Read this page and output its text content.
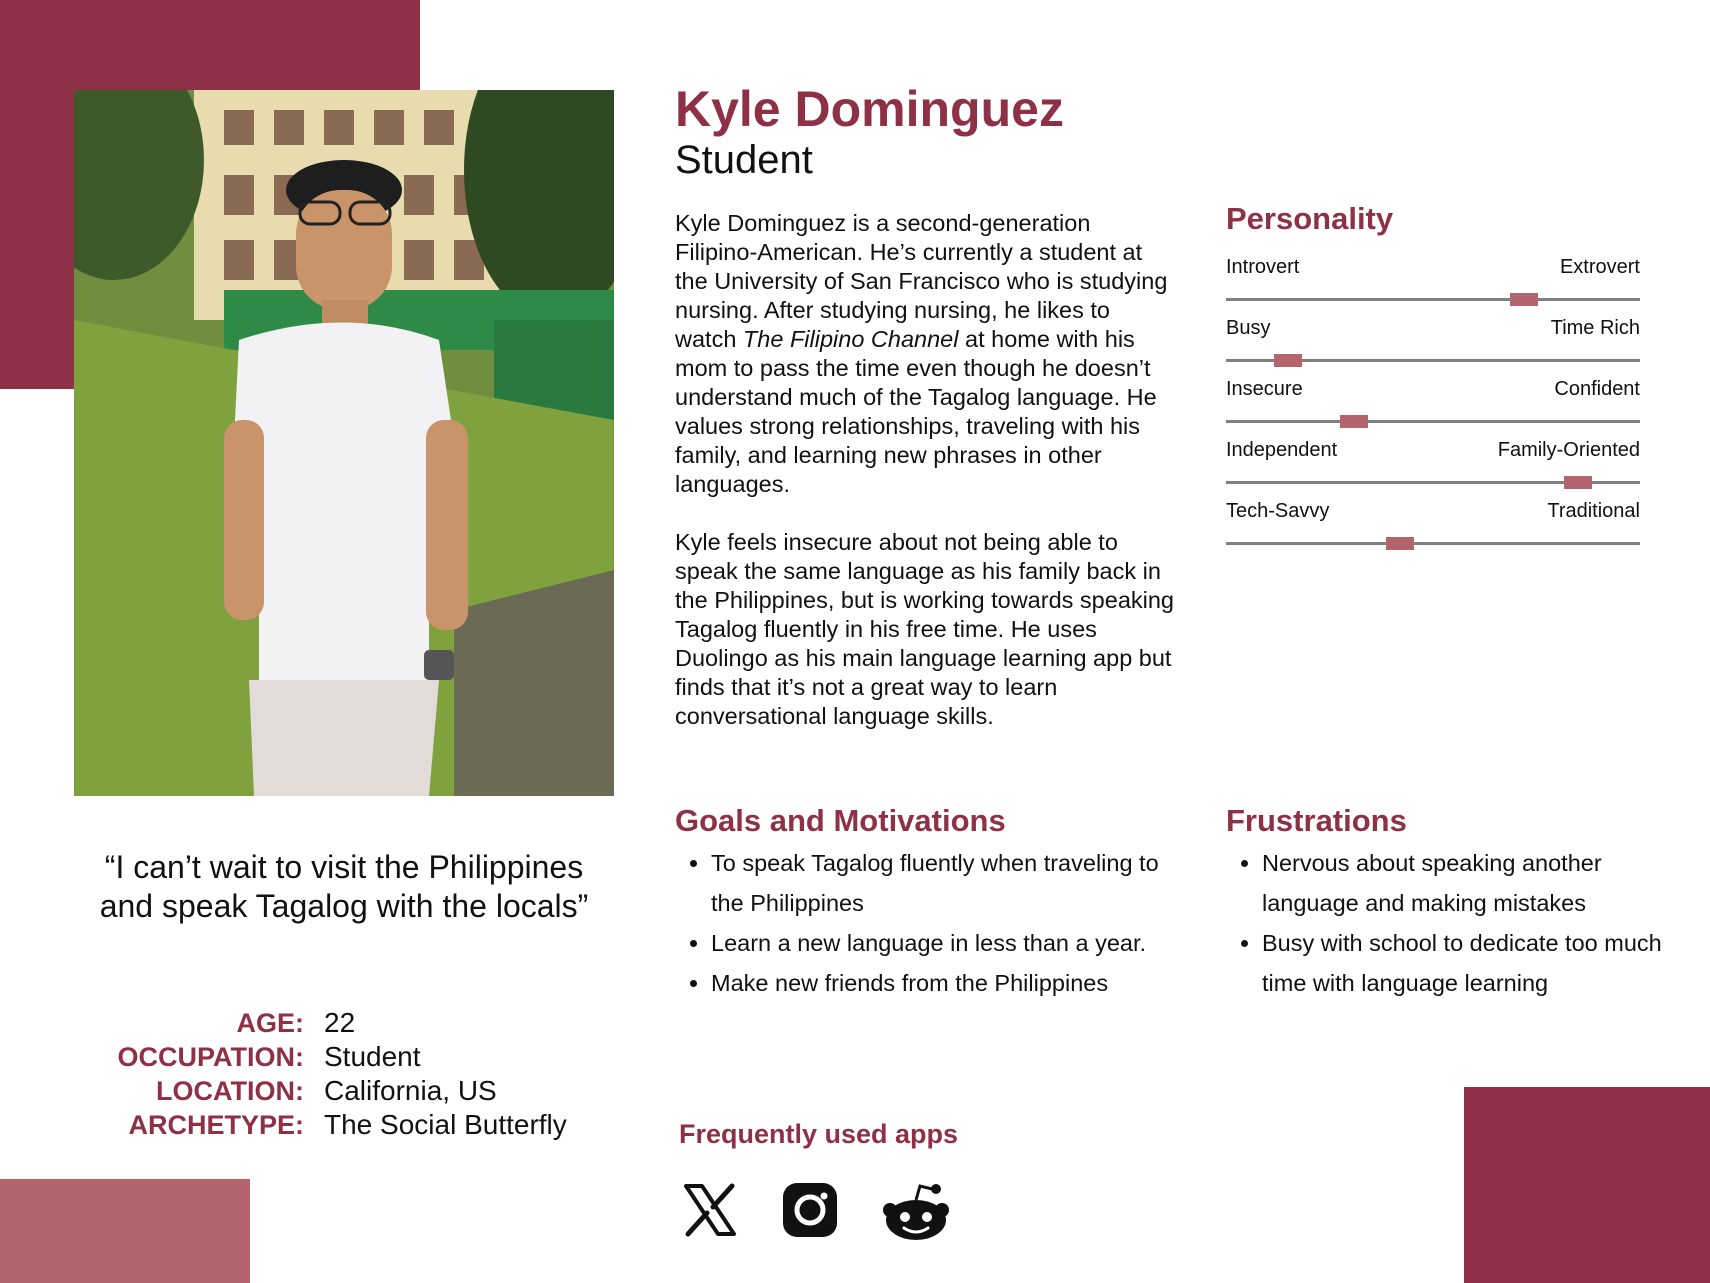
“I can’t wait to visit the Philippines and speak Tagalog with the locals”
AGE: 22
OCCUPATION: Student
LOCATION: California, US
ARCHETYPE: The Social Butterfly
Kyle Dominguez
Student

Kyle Dominguez is a second-generation Filipino-American. He’s currently a student at the University of San Francisco who is studying nursing. After studying nursing, he likes to watch The Filipino Channel at home with his mom to pass the time even though he doesn’t understand much of the Tagalog language. He values strong relationships, traveling with his family, and learning new phrases in other languages.

Kyle feels insecure about not being able to speak the same language as his family back in the Philippines, but is working towards speaking Tagalog fluently in his free time. He uses Duolingo as his main language learning app but finds that it’s not a great way to learn conversational language skills.

Personality
Introvert	Extrovert
Busy	Time Rich
Insecure	Confident
Independent	Family-Oriented
Tech-Savvy	Traditional
Goals and Motivations
• To speak Tagalog fluently when traveling to the Philippines
• Learn a new language in less than a year.
• Make new friends from the Philippines
Frustrations
• Nervous about speaking another language and making mistakes
• Busy with school to dedicate too much time with language learning
Frequently used apps
